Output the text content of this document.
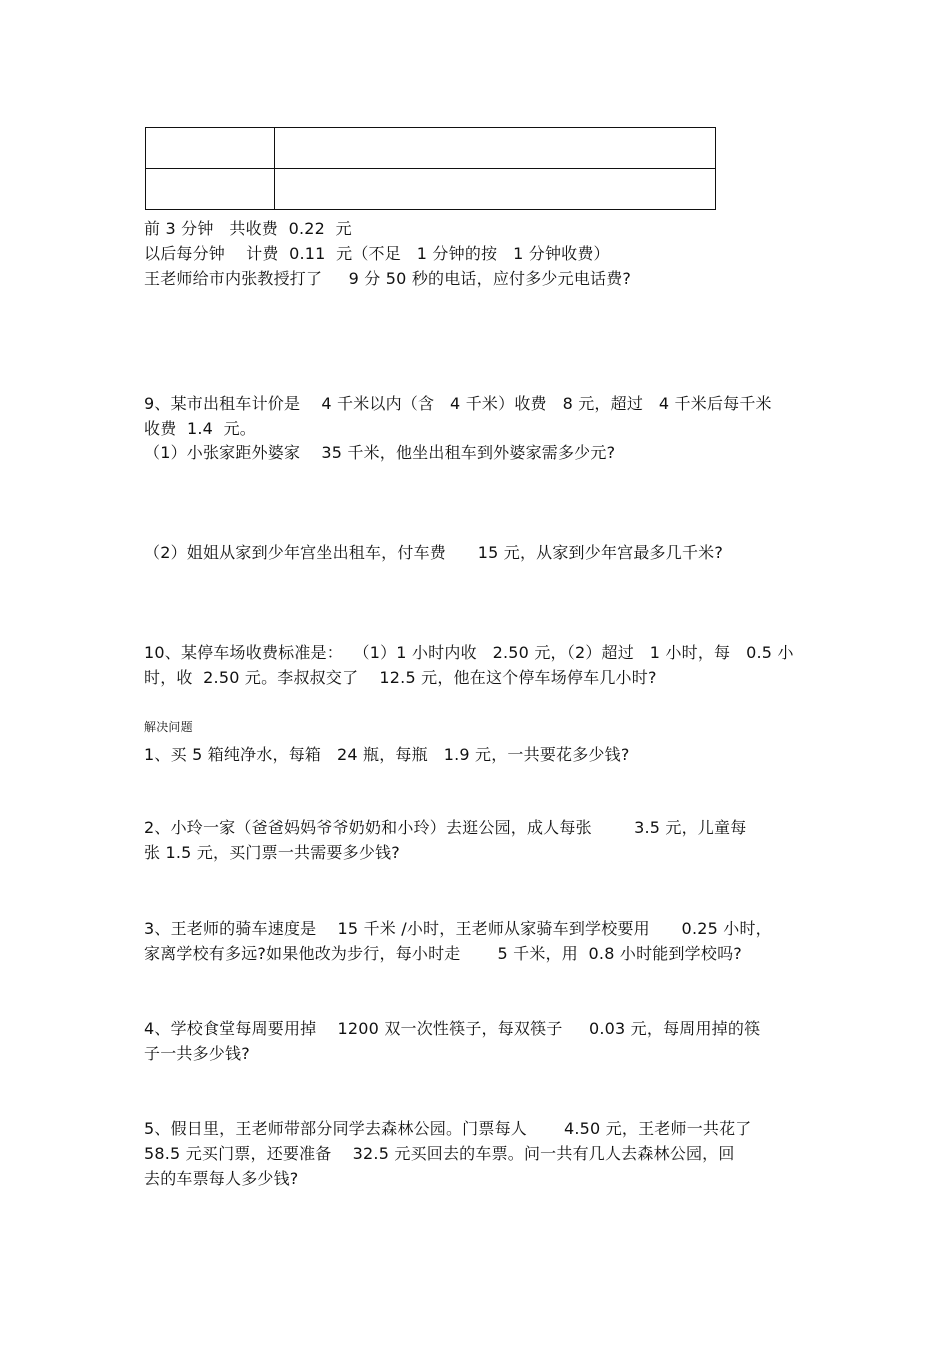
前 3 分钟   共收费  0.22  元
以后每分钟    计费  0.11  元（不足   1 分钟的按   1 分钟收费）
王老师给市内张教授打了     9 分 50 秒的电话，应付多少元电话费?
9、某市出租车计价是    4 千米以内（含   4 千米）收费   8 元，超过   4 千米后每千米
收费  1.4  元。
（1）小张家距外婆家    35 千米，他坐出租车到外婆家需多少元?
（2）姐姐从家到少年宫坐出租车，付车费      15 元，从家到少年宫最多几千米?
10、某停车场收费标准是：  （1）1 小时内收   2.50 元，（2）超过   1 小时，每   0.5 小
时，收  2.50 元。李叔叔交了    12.5 元，他在这个停车场停车几小时?
解决问题
1、买 5 箱纯净水，每箱   24 瓶，每瓶   1.9 元，一共要花多少钱?
2、小玲一家（爸爸妈妈爷爷奶奶和小玲）去逛公园，成人每张        3.5 元，儿童每
张 1.5 元，买门票一共需要多少钱?
3、王老师的骑车速度是    15 千米 /小时，王老师从家骑车到学校要用      0.25 小时，
家离学校有多远?如果他改为步行，每小时走       5 千米，用  0.8 小时能到学校吗?
4、学校食堂每周要用掉    1200 双一次性筷子，每双筷子     0.03 元，每周用掉的筷
子一共多少钱?
5、假日里，王老师带部分同学去森林公园。门票每人       4.50 元，王老师一共花了
58.5 元买门票，还要准备    32.5 元买回去的车票。问一共有几人去森林公园，回
去的车票每人多少钱?
